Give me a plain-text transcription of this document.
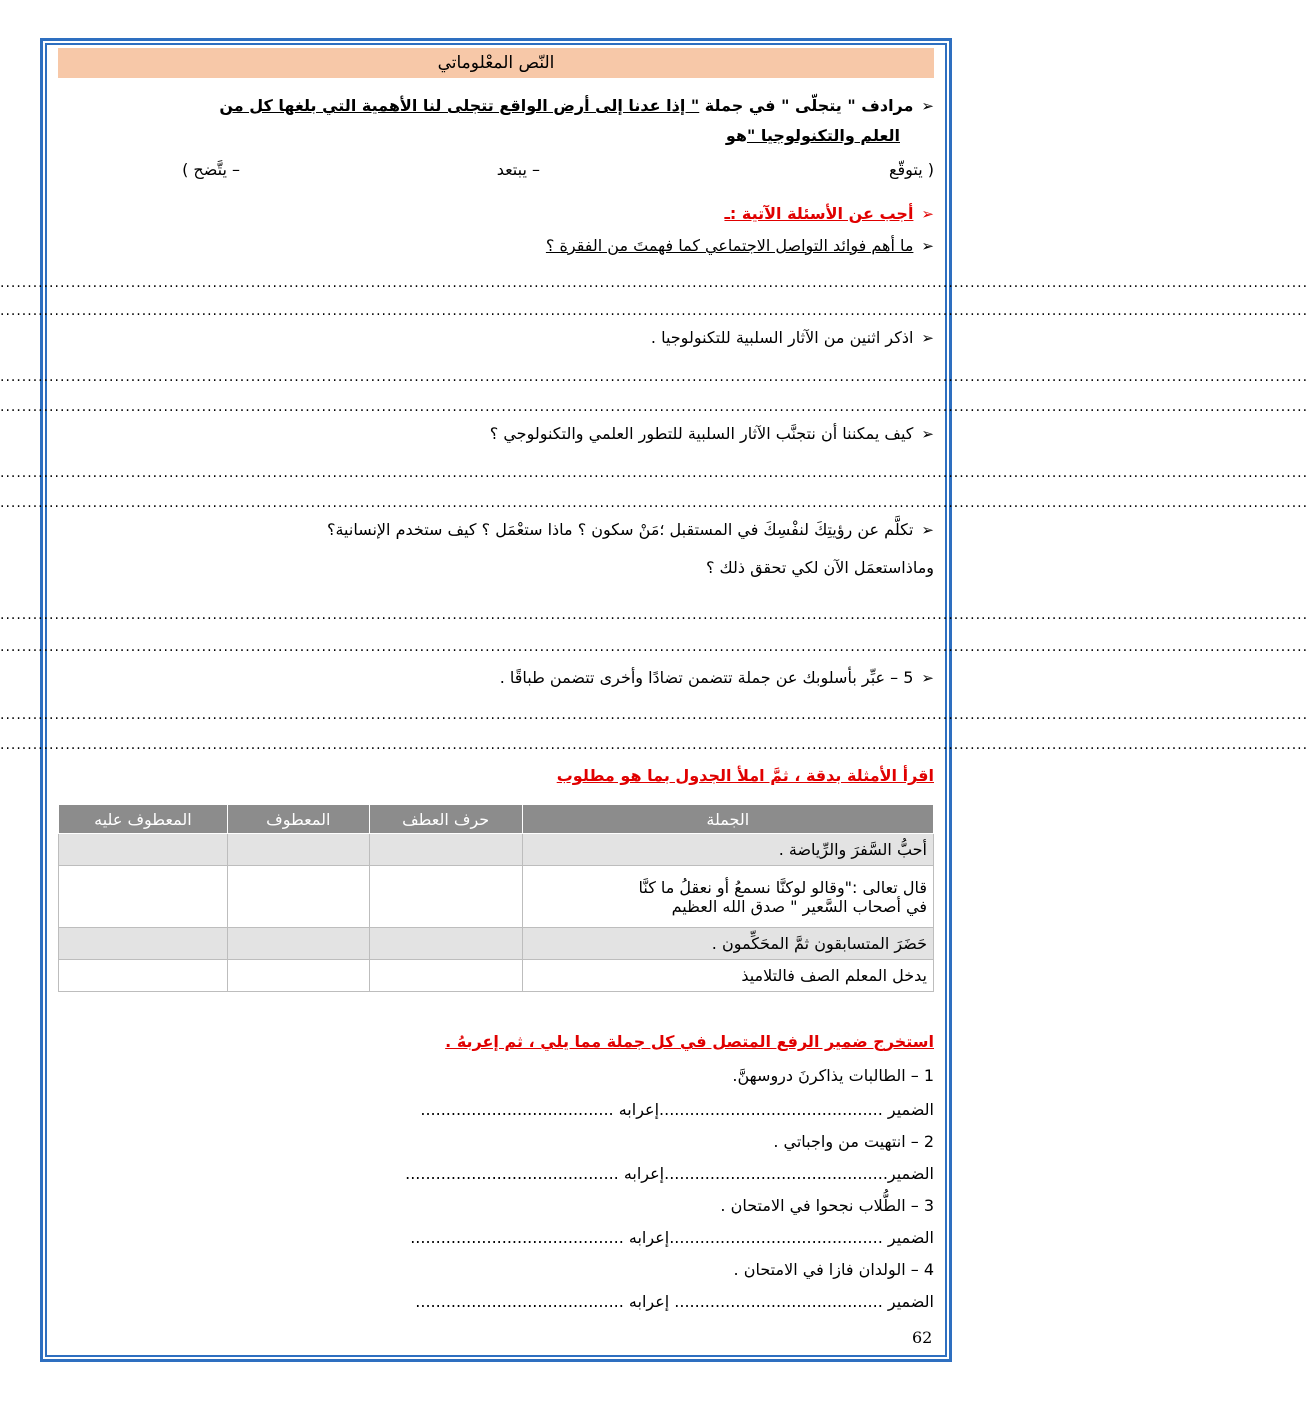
النّص المعْلوماتي
➢مرادف " يتجلّى " في جملة " إذا عدنا إلى أرض الواقع تتجلى لنا الأهمية التي بلغها كل من
العلم والتكنولوجيا "هو
( يتوقّع
– يبتعد
– يتَّضح )
➢أجب عن الأسئلة الآتية :ـ
➢ما أهم فوائد التواصل الاجتماعي كما فهمتَ من الفقرة ؟
................................................................................................................................................................................................................................................
................................................................................................................................................................................................................................................
➢اذكر اثنين من الآثار السلبية للتكنولوجيا .
................................................................................................................................................................................................................................................
................................................................................................................................................................................................................................................
➢كيف يمكننا أن نتجنَّب الآثار السلبية للتطور العلمي والتكنولوجي ؟
................................................................................................................................................................................................................................................
................................................................................................................................................................................................................................................
➢تكلَّم عن رؤيتِكَ لنفْسِكَ في المستقبل ؛مَنْ سكون ؟ ماذا ستعْمَل ؟ كيف ستخدم الإنسانية؟
وماذاستعمَل الآن لكي تحقق ذلك ؟
................................................................................................................................................................................................................................................
................................................................................................................................................................................................................................................
➢5 – عبِّر بأسلوبك عن جملة تتضمن تضادًا وأخرى تتضمن طباقًا .
................................................................................................................................................................................................................................................
................................................................................................................................................................................................................................................
اقرأ الأمثلة بدقة ، ثمَّ املأ الجدول بما هو مطلوب
الجملة	حرف العطف	المعطوف	المعطوف عليه
أحبُّ السَّفرَ والرِّياضة .			

قال تعالى :"وقالو لوكنَّا نسمعُ أو نعقلُ ما كنَّا
في أصحاب السَّعير " صدق الله العظيم			

حَضَرَ المتسابقون ثمَّ المحَكِّمون .			
يدخل المعلم الصف فالتلاميذ			
استخرج ضمير الرفع المتصل في كل جملة مما يلي ، ثم إعربهُ .
1 – الطالبات يذاكرنَ دروسهنَّ.
الضمير ............................................إعرابه ......................................
2 – انتهيت من واجباتي .
الضمير............................................إعرابه ..........................................
3 – الطُّلاب نجحوا في الامتحان .
الضمير ..........................................إعرابه ..........................................
4 – الولدان فازا في الامتحان .
الضمير ......................................... إعرابه .........................................
62
